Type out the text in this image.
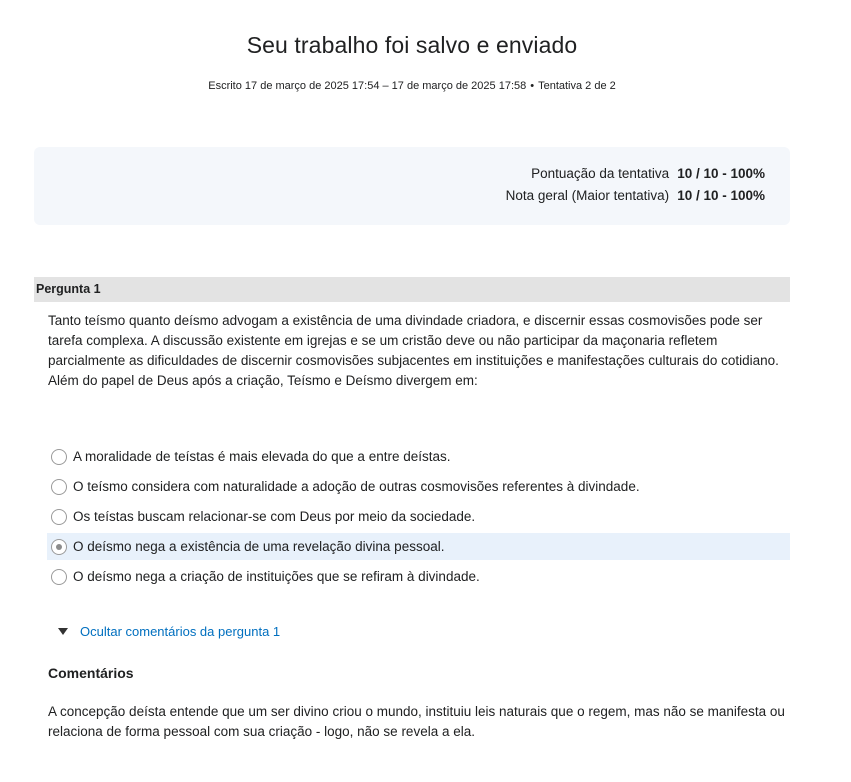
Seu trabalho foi salvo e enviado
Escrito 17 de março de 2025 17:54 – 17 de março de 2025 17:58 • Tentativa 2 de 2
Pontuação da tentativa	10 / 10 - 100%
Nota geral (Maior tentativa)	10 / 10 - 100%
Pergunta 1
Tanto teísmo quanto deísmo advogam a existência de uma divindade criadora, e discernir essas cosmovisões pode ser tarefa complexa. A discussão existente em igrejas e se um cristão deve ou não participar da maçonaria refletem parcialmente as dificuldades de discernir cosmovisões subjacentes em instituições e manifestações culturais do cotidiano. Além do papel de Deus após a criação, Teísmo e Deísmo divergem em:
A moralidade de teístas é mais elevada do que a entre deístas.
O teísmo considera com naturalidade a adoção de outras cosmovisões referentes à divindade.
Os teístas buscam relacionar-se com Deus por meio da sociedade.
O deísmo nega a existência de uma revelação divina pessoal.
O deísmo nega a criação de instituições que se refiram à divindade.
Ocultar comentários da pergunta 1
Comentários
A concepção deísta entende que um ser divino criou o mundo, instituiu leis naturais que o regem, mas não se manifesta ou relaciona de forma pessoal com sua criação - logo, não se revela a ela.
